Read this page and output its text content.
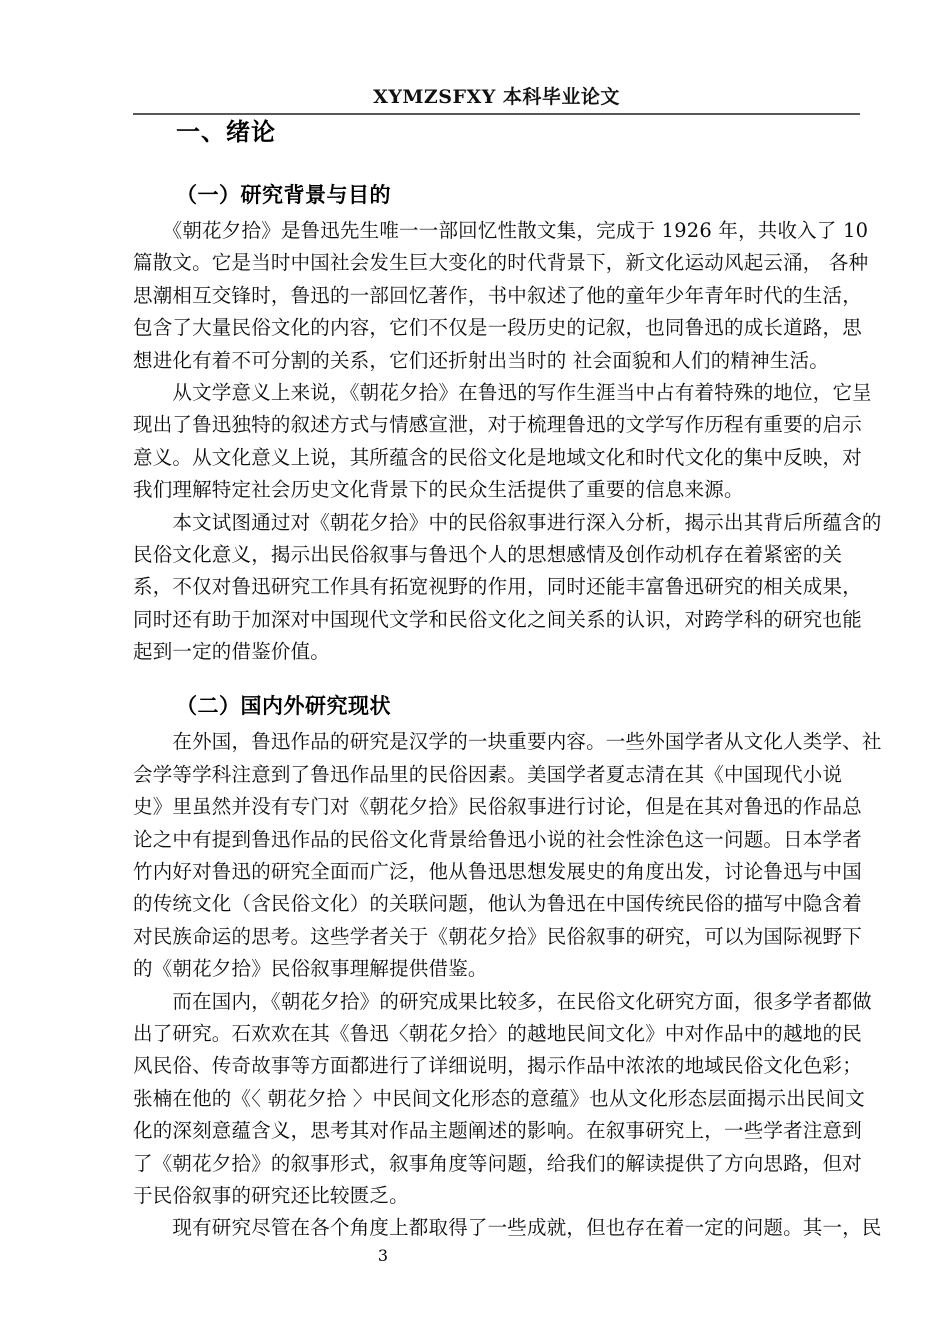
XYMZSFXY 本科毕业论文
一、绪论
（一）研究背景与目的
　　《朝花夕拾》是鲁迅先生唯一一部回忆性散文集，完成于 1926 年，共收入了 10
篇散文。它是当时中国社会发生巨大变化的时代背景下，新文化运动风起云涌， 各种
思潮相互交锋时，鲁迅的一部回忆著作，书中叙述了他的童年少年青年时代的生活，
包含了大量民俗文化的内容，它们不仅是一段历史的记叙，也同鲁迅的成长道路，思
想进化有着不可分割的关系，它们还折射出当时的 社会面貌和人们的精神生活。
　　从文学意义上来说，《朝花夕拾》在鲁迅的写作生涯当中占有着特殊的地位，它呈
现出了鲁迅独特的叙述方式与情感宣泄，对于梳理鲁迅的文学写作历程有重要的启示
意义。从文化意义上说，其所蕴含的民俗文化是地域文化和时代文化的集中反映，对
我们理解特定社会历史文化背景下的民众生活提供了重要的信息来源。
　　本文试图通过对《朝花夕拾》中的民俗叙事进行深入分析，揭示出其背后所蕴含的
民俗文化意义，揭示出民俗叙事与鲁迅个人的思想感情及创作动机存在着紧密的关
系，不仅对鲁迅研究工作具有拓宽视野的作用，同时还能丰富鲁迅研究的相关成果，
同时还有助于加深对中国现代文学和民俗文化之间关系的认识，对跨学科的研究也能
起到一定的借鉴价值。
（二）国内外研究现状
　　在外国，鲁迅作品的研究是汉学的一块重要内容。一些外国学者从文化人类学、社
会学等学科注意到了鲁迅作品里的民俗因素。美国学者夏志清在其《中国现代小说
史》里虽然并没有专门对《朝花夕拾》民俗叙事进行讨论，但是在其对鲁迅的作品总
论之中有提到鲁迅作品的民俗文化背景给鲁迅小说的社会性涂色这一问题。日本学者
竹内好对鲁迅的研究全面而广泛，他从鲁迅思想发展史的角度出发，讨论鲁迅与中国
的传统文化（含民俗文化）的关联问题，他认为鲁迅在中国传统民俗的描写中隐含着
对民族命运的思考。这些学者关于《朝花夕拾》民俗叙事的研究，可以为国际视野下
的《朝花夕拾》民俗叙事理解提供借鉴。
　　而在国内，《朝花夕拾》的研究成果比较多，在民俗文化研究方面，很多学者都做
出了研究。石欢欢在其《鲁迅〈朝花夕拾〉的越地民间文化》中对作品中的越地的民
风民俗、传奇故事等方面都进行了详细说明，揭示作品中浓浓的地域民俗文化色彩；
张楠在他的《〈 朝花夕拾 〉中民间文化形态的意蕴》也从文化形态层面揭示出民间文
化的深刻意蕴含义，思考其对作品主题阐述的影响。在叙事研究上，一些学者注意到
了《朝花夕拾》的叙事形式，叙事角度等问题，给我们的解读提供了方向思路，但对
于民俗叙事的研究还比较匮乏。
　　现有研究尽管在各个角度上都取得了一些成就，但也存在着一定的问题。其一，民
3
